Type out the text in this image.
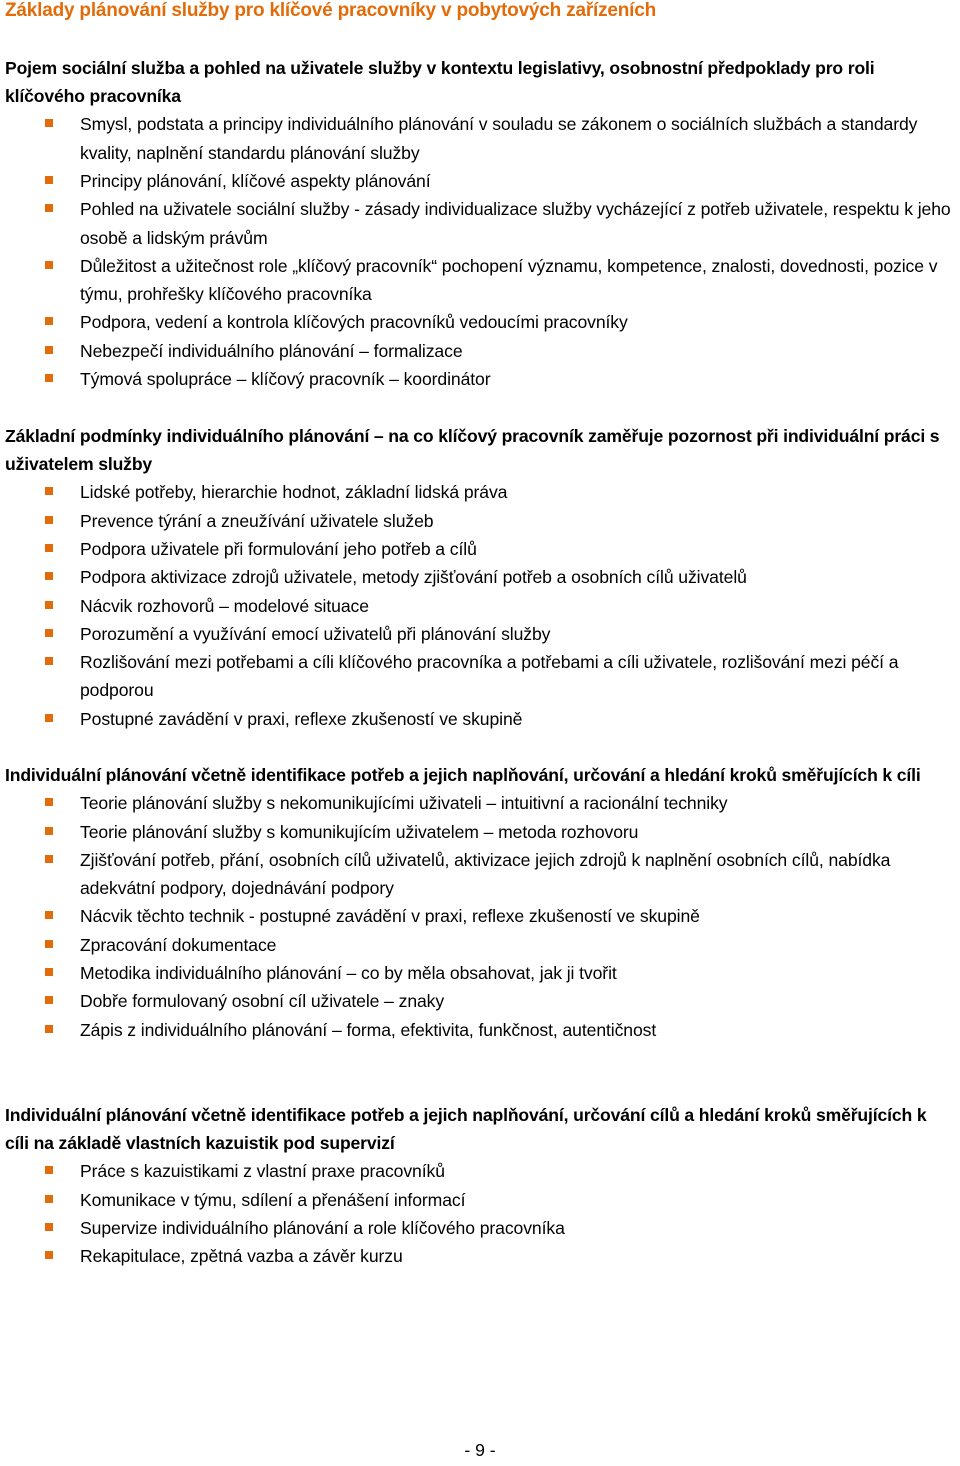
Základy plánování služby pro klíčové pracovníky v pobytových zařízeních
Pojem sociální služba a pohled na uživatele služby v kontextu legislativy, osobnostní předpoklady pro roli klíčového pracovníka
Smysl, podstata a principy individuálního plánování v souladu se zákonem o sociálních službách a standardy kvality, naplnění standardu plánování služby
Principy plánování, klíčové aspekty plánování
Pohled na uživatele sociální služby - zásady individualizace služby vycházející z potřeb uživatele, respektu k jeho osobě a lidským právům
Důležitost a užitečnost role „klíčový pracovník“ pochopení významu, kompetence, znalosti, dovednosti, pozice v týmu, prohřešky klíčového pracovníka
Podpora, vedení a kontrola klíčových pracovníků vedoucími pracovníky
Nebezpečí individuálního plánování – formalizace
Týmová spolupráce – klíčový pracovník – koordinátor
Základní podmínky individuálního plánování – na co klíčový pracovník zaměřuje pozornost při individuální práci s uživatelem služby
Lidské potřeby, hierarchie hodnot, základní lidská práva
Prevence týrání a zneužívání uživatele služeb
Podpora uživatele při formulování jeho potřeb a cílů
Podpora aktivizace zdrojů uživatele, metody zjišťování potřeb a osobních cílů uživatelů
Nácvik rozhovorů – modelové situace
Porozumění a využívání emocí uživatelů při plánování služby
Rozlišování mezi potřebami a cíli klíčového pracovníka a potřebami a cíli uživatele, rozlišování mezi péčí a podporou
Postupné zavádění v praxi, reflexe zkušeností ve skupině
Individuální plánování včetně identifikace potřeb a jejich naplňování, určování a hledání kroků směřujících k cíli
Teorie plánování služby s nekomunikujícími uživateli – intuitivní a racionální techniky
Teorie plánování služby s komunikujícím uživatelem – metoda rozhovoru
Zjišťování potřeb, přání, osobních cílů uživatelů, aktivizace jejich zdrojů k naplnění osobních cílů, nabídka adekvátní podpory, dojednávání podpory
Nácvik těchto technik - postupné zavádění v praxi, reflexe zkušeností ve skupině
Zpracování dokumentace
Metodika individuálního plánování – co by měla obsahovat, jak ji tvořit
Dobře formulovaný osobní cíl uživatele – znaky
Zápis z individuálního plánování – forma, efektivita, funkčnost, autentičnost
Individuální plánování včetně identifikace potřeb a jejich naplňování, určování cílů a hledání kroků směřujících k cíli na základě vlastních kazuistik pod supervizí
Práce s kazuistikami z vlastní praxe pracovníků
Komunikace v týmu, sdílení a přenášení informací
Supervize individuálního plánování a role klíčového pracovníka
Rekapitulace, zpětná vazba a závěr kurzu
- 9 -
